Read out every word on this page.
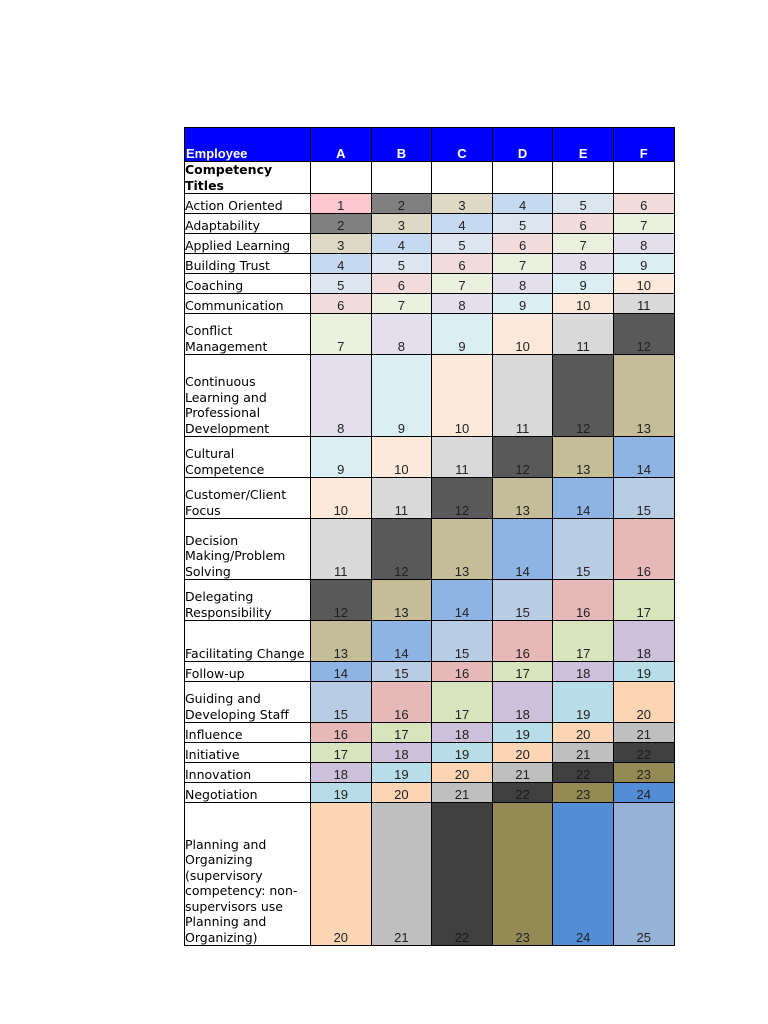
Employee	A	B	C	D	E	F
Competency Titles						
Action Oriented	1	2	3	4	5	6
Adaptability	2	3	4	5	6	7
Applied Learning	3	4	5	6	7	8
Building Trust	4	5	6	7	8	9
Coaching	5	6	7	8	9	10
Communication	6	7	8	9	10	11
Conflict Management	7	8	9	10	11	12
Continuous Learning and Professional Development	8	9	10	11	12	13
Cultural Competence	9	10	11	12	13	14
Customer/Client Focus	10	11	12	13	14	15
Decision Making/Problem Solving	11	12	13	14	15	16
Delegating Responsibility	12	13	14	15	16	17
Facilitating Change	13	14	15	16	17	18
Follow-up	14	15	16	17	18	19
Guiding and Developing Staff	15	16	17	18	19	20
Influence	16	17	18	19	20	21
Initiative	17	18	19	20	21	22
Innovation	18	19	20	21	22	23
Negotiation	19	20	21	22	23	24
Planning and Organizing (supervisory competency: non-supervisors use Planning and Organizing)	20	21	22	23	24	25
